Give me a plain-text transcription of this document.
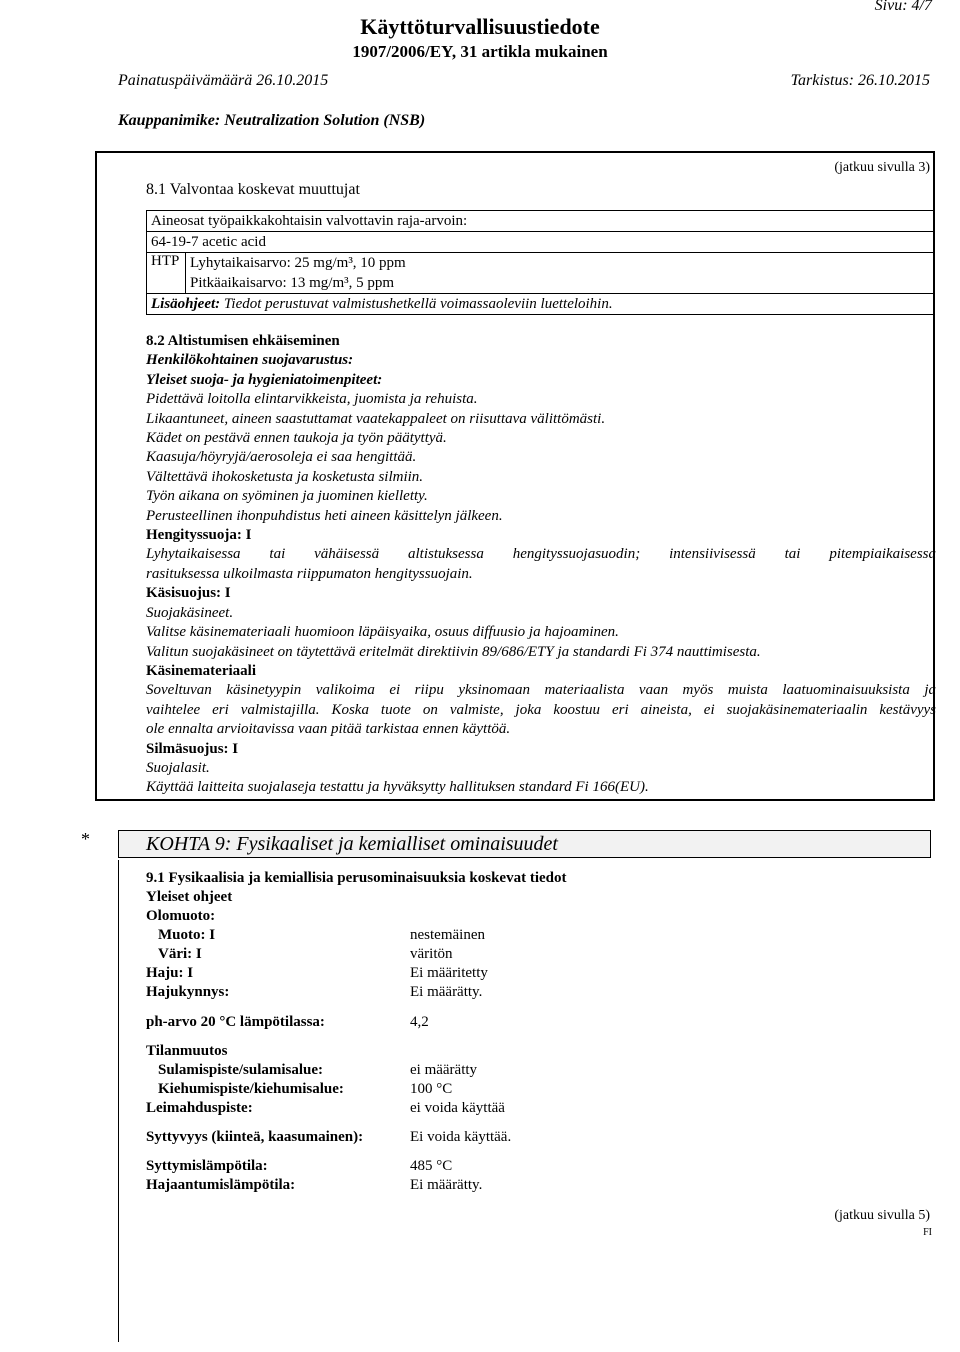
Sivu: 4/7
Käyttöturvallisuustiedote
1907/2006/EY, 31 artikla mukainen
Painatuspäivämäärä 26.10.2015	Tarkistus: 26.10.2015
Kauppanimike: Neutralization Solution (NSB)
(jatkuu sivulla 3)
8.1 Valvontaa koskevat muuttujat
Aineosat työpaikkakohtaisin valvottavin raja-arvoin:
64-19-7 acetic acid
HTP	Lyhytaikaisarvo: 25 mg/m³, 10 ppm
Pitkäaikaisarvo: 13 mg/m³, 5 ppm

Lisäohjeet: Tiedot perustuvat valmistushetkellä voimassaoleviin luetteloihin.
8.2 Altistumisen ehkäiseminen
Henkilökohtainen suojavarustus:
Yleiset suoja- ja hygieniatoimenpiteet:
Pidettävä loitolla elintarvikkeista, juomista ja rehuista.
Likaantuneet, aineen saastuttamat vaatekappaleet on riisuttava välittömästi.
Kädet on pestävä ennen taukoja ja työn päätyttyä.
Kaasuja/höyryjä/aerosoleja ei saa hengittää.
Vältettävä ihokosketusta ja kosketusta silmiin.
Työn aikana on syöminen ja juominen kielletty.
Perusteellinen ihonpuhdistus heti aineen käsittelyn jälkeen.
Hengityssuoja: I
Lyhytaikaisessa tai vähäisessä altistuksessa hengityssuojasuodin; intensiivisessä tai pitempiaikaisessa
rasituksessa ulkoilmasta riippumaton hengityssuojain.
Käsisuojus: I
Suojakäsineet.
Valitse käsinemateriaali huomioon läpäisyaika, osuus diffuusio ja hajoaminen.
Valitun suojakäsineet on täytettävä eritelmät direktiivin 89/686/ETY ja standardi Fi 374 nauttimisesta.
Käsinemateriaali
Soveltuvan käsinetyypin valikoima ei riipu yksinomaan materiaalista vaan myös muista laatuominaisuuksista ja
vaihtelee eri valmistajilla. Koska tuote on valmiste, joka koostuu eri aineista, ei suojakäsinemateriaalin kestävyys
ole ennalta arvioitavissa vaan pitää tarkistaa ennen käyttöä.
Silmäsuojus: I
Suojalasit.
Käyttää laitteita suojalaseja testattu ja hyväksytty hallituksen standard Fi 166(EU).
*	KOHTA 9: Fysikaaliset ja kemialliset ominaisuudet
9.1 Fysikaalisia ja kemiallisia perusominaisuuksia koskevat tiedot
Yleiset ohjeet
Olomuoto:
Muoto: I	nestemäinen
Väri: I	väritön
Haju: I	Ei määritetty
Hajukynnys:	Ei määrätty.
ph-arvo 20 °C lämpötilassa:	4,2
Tilanmuutos
Sulamispiste/sulamisalue:	ei määrätty
Kiehumispiste/kiehumisalue:	100 °C
Leimahduspiste:	ei voida käyttää
Syttyvyys (kiinteä, kaasumainen):	Ei voida käyttää.
Syttymislämpötila:	485 °C
Hajaantumislämpötila:	Ei määrätty.
(jatkuu sivulla 5)
FI
